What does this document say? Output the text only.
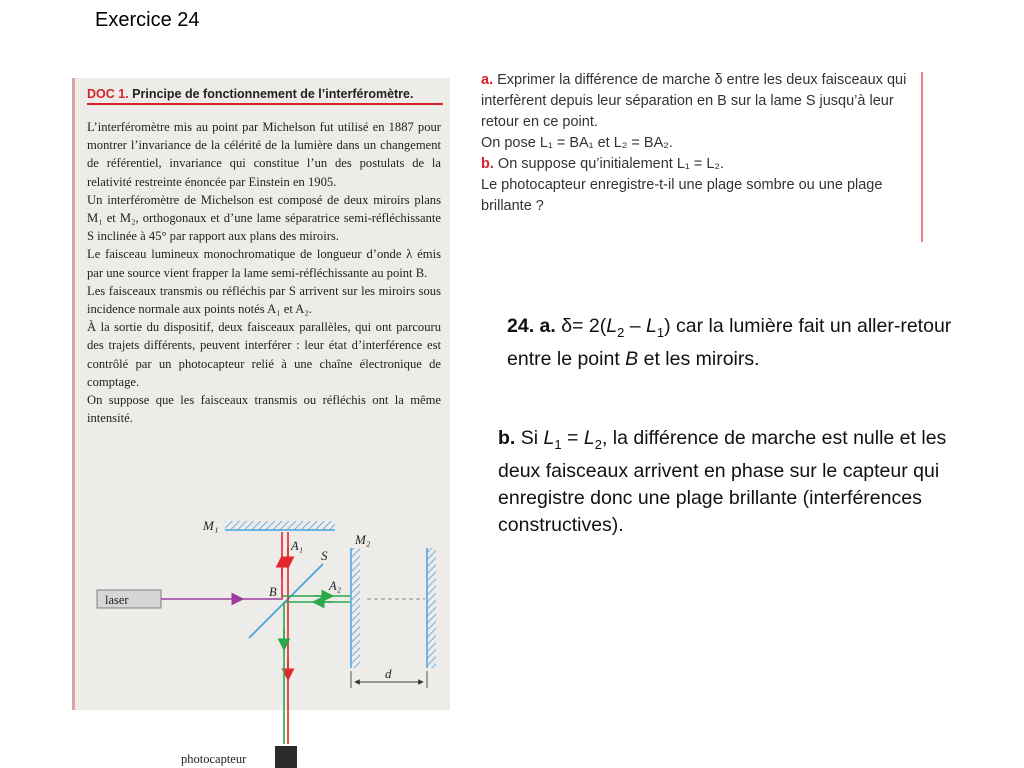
Exercice 24
DOC 1. Principe de fonctionnement de l’interféromètre.

L’interféromètre mis au point par Michelson fut utilisé en 1887 pour montrer l’invariance de la célérité de la lumière dans un changement de référentiel, invariance qui constitue l’un des postulats de la relativité restreinte énoncée par Einstein en 1905.

Un interféromètre de Michelson est composé de deux miroirs plans M₁ et M₂, orthogonaux et d’une lame séparatrice semi-réfléchissante S inclinée à 45° par rapport aux plans des miroirs.

Le faisceau lumineux monochromatique de longueur d’onde λ émis par une source vient frapper la lame semi-réfléchissante au point B.

Les faisceaux transmis ou réfléchis par S arrivent sur les miroirs sous incidence normale aux points notés A₁ et A₂.

À la sortie du dispositif, deux faisceaux parallèles, qui ont parcouru des trajets différents, peuvent interférer : leur état d’interférence est contrôlé par un photocapteur relié à une chaîne électronique de comptage.

On suppose que les faisceaux transmis ou réfléchis ont la même intensité.

M₁
M₂
d
laser
S
B
A₁
A₂
photocapteur

a. Exprimer la différence de marche δ entre les deux faisceaux qui interfèrent depuis leur séparation en B sur la lame S jusqu’à leur retour en ce point.

On pose L₁ = BA₁ et L₂ = BA₂.

b. On suppose qu’initialement L₁ = L₂.

Le photocapteur enregistre-t-il une plage sombre ou une plage brillante ?

24. a. $\delta= 2(L_2 - L_1)$ car la lumière fait un aller-retour entre le point B et les miroirs.
b. Si $L_1 = L_2$, la différence de marche est nulle et les deux faisceaux arrivent en phase sur le capteur qui enregistre donc une plage brillante (interférences constructives).
